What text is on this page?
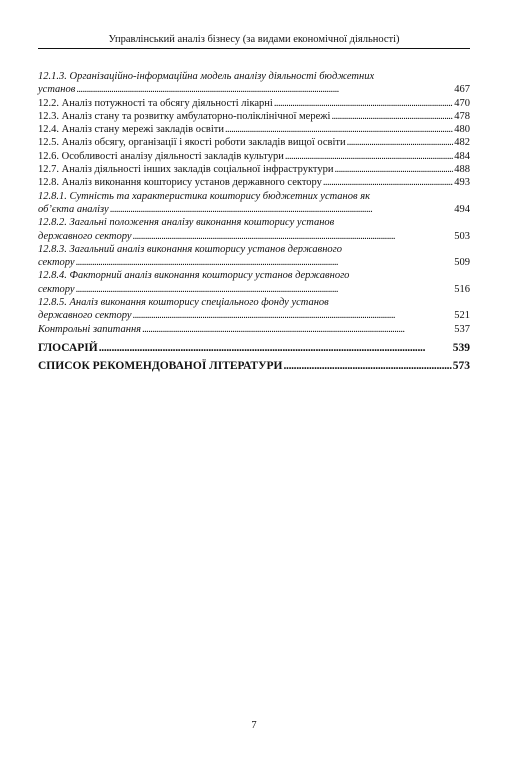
Управлінський аналіз бізнесу (за видами економічної діяльності)
12.1.3. Організаційно-інформаційна модель аналізу діяльності бюджетних
установ . . .	467
12.2. Аналіз потужності та обсягу діяльності лікарні . . .	470
12.3. Аналіз стану та розвитку амбулаторно-поліклінічної мережі . . .	478
12.4. Аналіз стану мережі закладів освіти . . .	480
12.5. Аналіз обсягу, організації і якості роботи закладів вищої освіти . . .	482
12.6. Особливості аналізу діяльності закладів культури . . .	484
12.7. Аналіз діяльності інших закладів соціальної інфраструктури . . .	488
12.8. Аналіз виконання кошторису установ державного сектору . . .	493
12.8.1. Сутність та характеристика кошторису бюджетних установ як
об’єкта аналізу . . .	494
12.8.2. Загальні положення аналізу виконання кошторису установ
державного сектору . . .	503
12.8.3. Загальний аналіз виконання кошторису установ державного
сектору . . .	509
12.8.4. Факторний аналіз виконання кошторису установ державного
сектору . . .	516
12.8.5. Аналіз виконання кошторису спеціального фонду установ
державного сектору . . .	521
Контрольні запитання . . .	537
ГЛОСАРІЙ . . .	539
СПИСОК РЕКОМЕНДОВАНОЇ ЛІТЕРАТУРИ . . .	573
7
